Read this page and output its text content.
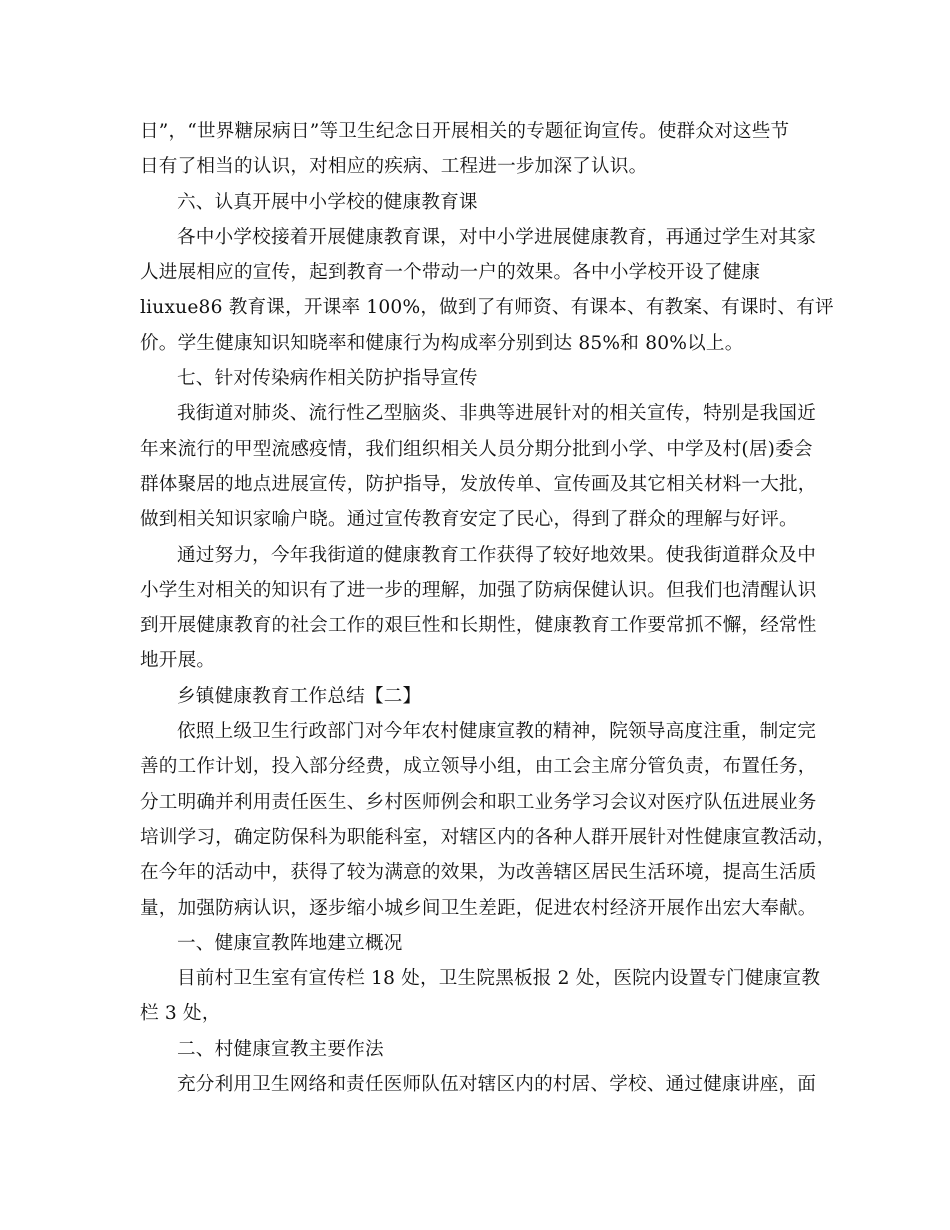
日”，“世界糖尿病日”等卫生纪念日开展相关的专题征询宣传。使群众对这些节

日有了相当的认识，对相应的疾病、工程进一步加深了认识。

六、认真开展中小学校的健康教育课

各中小学校接着开展健康教育课，对中小学进展健康教育，再通过学生对其家

人进展相应的宣传，起到教育一个带动一户的效果。各中小学校开设了健康

liuxue86 教育课，开课率 100%，做到了有师资、有课本、有教案、有课时、有评

价。学生健康知识知晓率和健康行为构成率分别到达 85%和 80%以上。

七、针对传染病作相关防护指导宣传

我街道对肺炎、流行性乙型脑炎、非典等进展针对的相关宣传，特别是我国近

年来流行的甲型流感疫情，我们组织相关人员分期分批到小学、中学及村(居)委会

群体聚居的地点进展宣传，防护指导，发放传单、宣传画及其它相关材料一大批，

做到相关知识家喻户晓。通过宣传教育安定了民心，得到了群众的理解与好评。

通过努力，今年我街道的健康教育工作获得了较好地效果。使我街道群众及中

小学生对相关的知识有了进一步的理解，加强了防病保健认识。但我们也清醒认识

到开展健康教育的社会工作的艰巨性和长期性，健康教育工作要常抓不懈，经常性

地开展。

乡镇健康教育工作总结【二】

依照上级卫生行政部门对今年农村健康宣教的精神，院领导高度注重，制定完

善的工作计划，投入部分经费，成立领导小组，由工会主席分管负责，布置任务，

分工明确并利用责任医生、乡村医师例会和职工业务学习会议对医疗队伍进展业务

培训学习，确定防保科为职能科室，对辖区内的各种人群开展针对性健康宣教活动，

在今年的活动中，获得了较为满意的效果，为改善辖区居民生活环境，提高生活质

量，加强防病认识，逐步缩小城乡间卫生差距，促进农村经济开展作出宏大奉献。

一、健康宣教阵地建立概况

目前村卫生室有宣传栏 18 处，卫生院黑板报 2 处，医院内设置专门健康宣教

栏 3 处，

二、村健康宣教主要作法

充分利用卫生网络和责任医师队伍对辖区内的村居、学校、通过健康讲座，面
